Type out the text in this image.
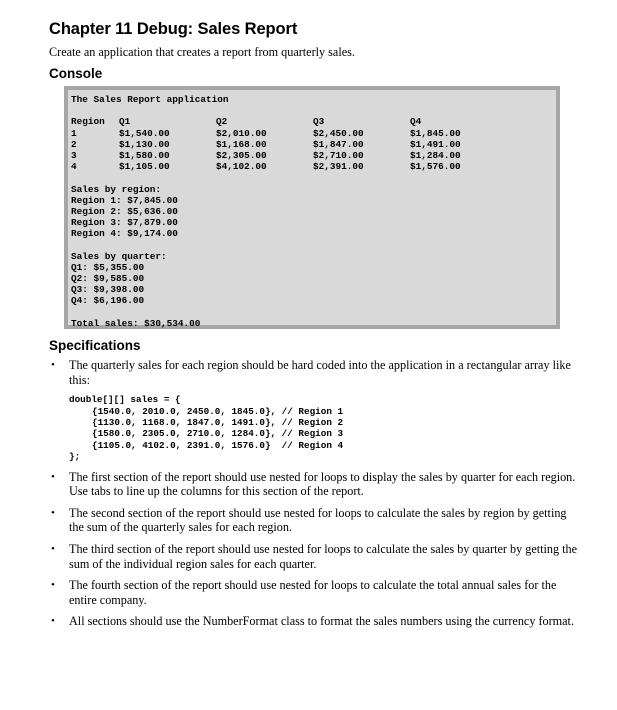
Chapter 11 Debug: Sales Report
Create an application that creates a report from quarterly sales.
Console
The Sales Report application
Region	Q1	Q2	Q3	Q4
1	$1,540.00	$2,010.00	$2,450.00	$1,845.00
2	$1,130.00	$1,168.00	$1,847.00	$1,491.00
3	$1,580.00	$2,305.00	$2,710.00	$1,284.00
4	$1,105.00	$4,102.00	$2,391.00	$1,576.00
Sales by region:
Region 1: $7,845.00
Region 2: $5,636.00
Region 3: $7,879.00
Region 4: $9,174.00
Sales by quarter:
Q1: $5,355.00
Q2: $9,585.00
Q3: $9,398.00
Q4: $6,196.00
Total sales: $30,534.00
Specifications
• The quarterly sales for each region should be hard coded into the application in a rectangular array like this:
double[][] sales = {
{1540.0, 2010.0, 2450.0, 1845.0}, // Region 1
{1130.0, 1168.0, 1847.0, 1491.0}, // Region 2
{1580.0, 2305.0, 2710.0, 1284.0}, // Region 3
{1105.0, 4102.0, 2391.0, 1576.0}  // Region 4
};
• The first section of the report should use nested for loops to display the sales by quarter for each region. Use tabs to line up the columns for this section of the report.
• The second section of the report should use nested for loops to calculate the sales by region by getting the sum of the quarterly sales for each region.
• The third section of the report should use nested for loops to calculate the sales by quarter by getting the sum of the individual region sales for each quarter.
• The fourth section of the report should use nested for loops to calculate the total annual sales for the entire company.
• All sections should use the NumberFormat class to format the sales numbers using the currency format.
